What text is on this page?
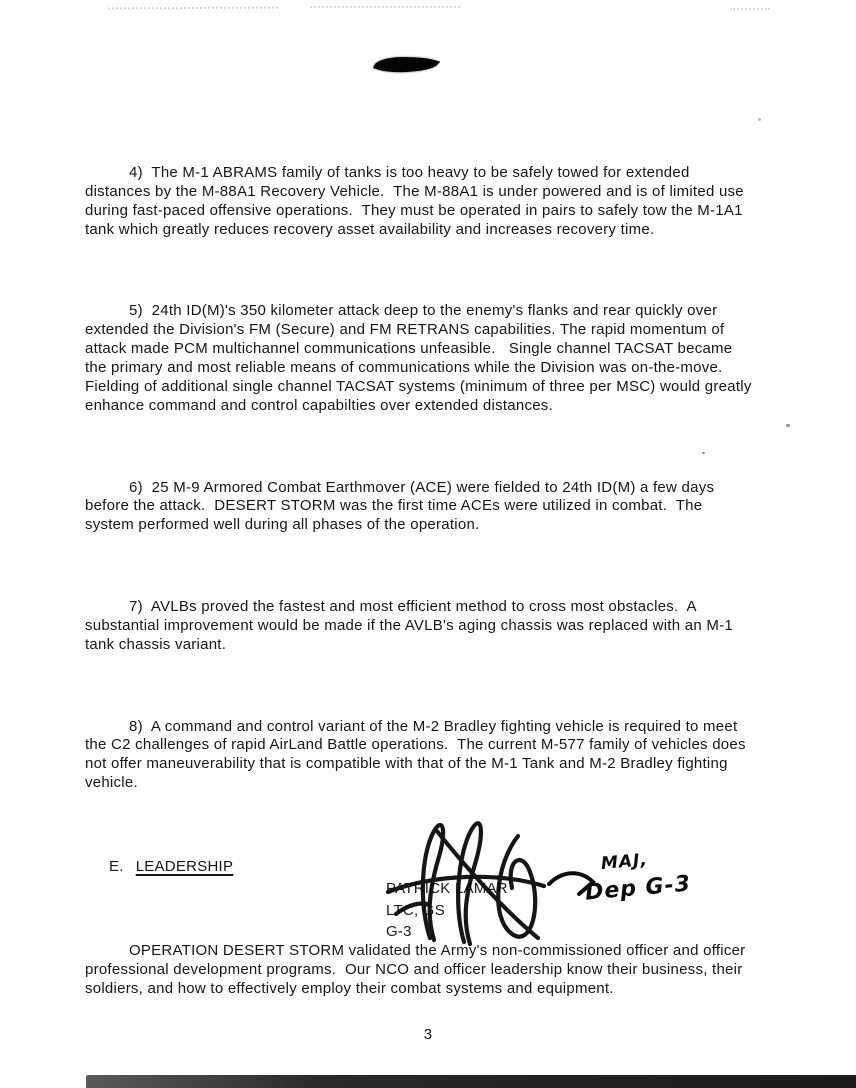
4)  The M-1 ABRAMS family of tanks is too heavy to be safely towed for extended distances by the M-88A1 Recovery Vehicle.  The M-88A1 is under powered and is of limited use during fast-paced offensive operations.  They must be operated in pairs to safely tow the M-1A1 tank which greatly reduces recovery asset availability and increases recovery time.

5)  24th ID(M)'s 350 kilometer attack deep to the enemy's flanks and rear quickly over extended the Division's FM (Secure) and FM RETRANS capabilities. The rapid momentum of attack made PCM multichannel communications unfeasible.   Single channel TACSAT became the primary and most reliable means of communications while the Division was on-the-move.   Fielding of additional single channel TACSAT systems (minimum of three per MSC) would greatly enhance command and control capabilties over extended distances.

6)  25 M-9 Armored Combat Earthmover (ACE) were fielded to 24th ID(M) a few days before the attack.  DESERT STORM was the first time ACEs were utilized in combat.  The system performed well during all phases of the operation.

7)  AVLBs proved the fastest and most efficient method to cross most obstacles.  A substantial improvement would be made if the AVLB's aging chassis was replaced with an M-1 tank chassis variant.

8)  A command and control variant of the M-2 Bradley fighting vehicle is required to meet the C2 challenges of rapid AirLand Battle operations.  The current M-577 family of vehicles does not offer maneuverability that is compatible with that of the M-1 Tank and M-2 Bradley fighting vehicle.

E. LEADERSHIP

OPERATION DESERT STORM validated the Army's non-commissioned officer and officer professional development programs.  Our NCO and officer leadership know their business, their soldiers, and how to effectively employ their combat systems and equipment.

PATRICK LAMAR
LTC, GS
G-3
MAJ,
Dep G-3
3
